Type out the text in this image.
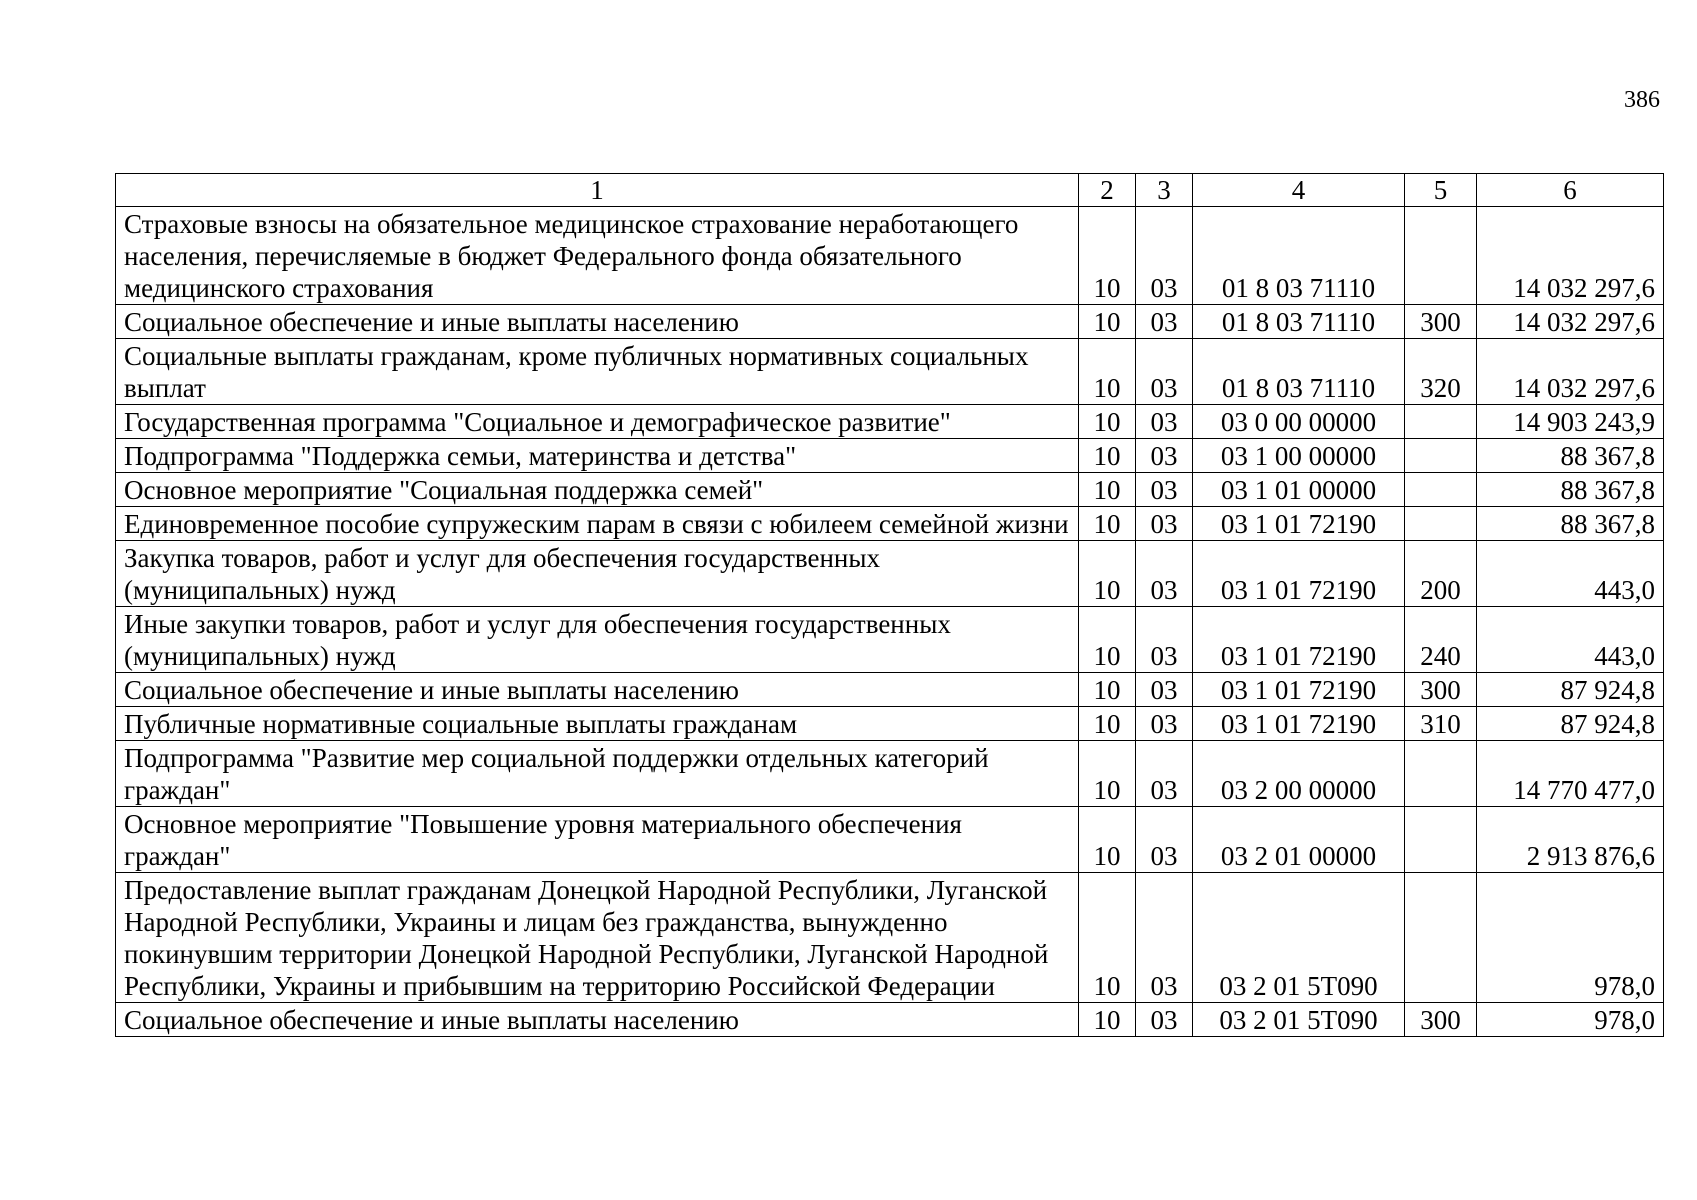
386
1	2	3	4	5	6
Страховые взносы на обязательное медицинское страхование неработающего населения, перечисляемые в бюджет Федерального фонда обязательного медицинского страхования	10	03	01 8 03 71110		14 032 297,6
Социальное обеспечение и иные выплаты населению	10	03	01 8 03 71110	300	14 032 297,6
Социальные выплаты гражданам, кроме публичных нормативных социальных выплат	10	03	01 8 03 71110	320	14 032 297,6
Государственная программа "Социальное и демографическое развитие"	10	03	03 0 00 00000		14 903 243,9
Подпрограмма "Поддержка семьи, материнства и детства"	10	03	03 1 00 00000		88 367,8
Основное мероприятие "Социальная поддержка семей"	10	03	03 1 01 00000		88 367,8
Единовременное пособие супружеским парам в связи с юбилеем семейной жизни	10	03	03 1 01 72190		88 367,8
Закупка товаров, работ и услуг для обеспечения государственных (муниципальных) нужд	10	03	03 1 01 72190	200	443,0
Иные закупки товаров, работ и услуг для обеспечения государственных (муниципальных) нужд	10	03	03 1 01 72190	240	443,0
Социальное обеспечение и иные выплаты населению	10	03	03 1 01 72190	300	87 924,8
Публичные нормативные социальные выплаты гражданам	10	03	03 1 01 72190	310	87 924,8
Подпрограмма "Развитие мер социальной поддержки отдельных категорий граждан"	10	03	03 2 00 00000		14 770 477,0
Основное мероприятие "Повышение уровня материального обеспечения граждан"	10	03	03 2 01 00000		2 913 876,6
Предоставление выплат гражданам Донецкой Народной Республики, Луганской Народной Республики, Украины и лицам без гражданства, вынужденно покинувшим территории Донецкой Народной Республики, Луганской Народной Республики, Украины и прибывшим на территорию Российской Федерации	10	03	03 2 01 5Т090		978,0
Социальное обеспечение и иные выплаты населению	10	03	03 2 01 5Т090	300	978,0
